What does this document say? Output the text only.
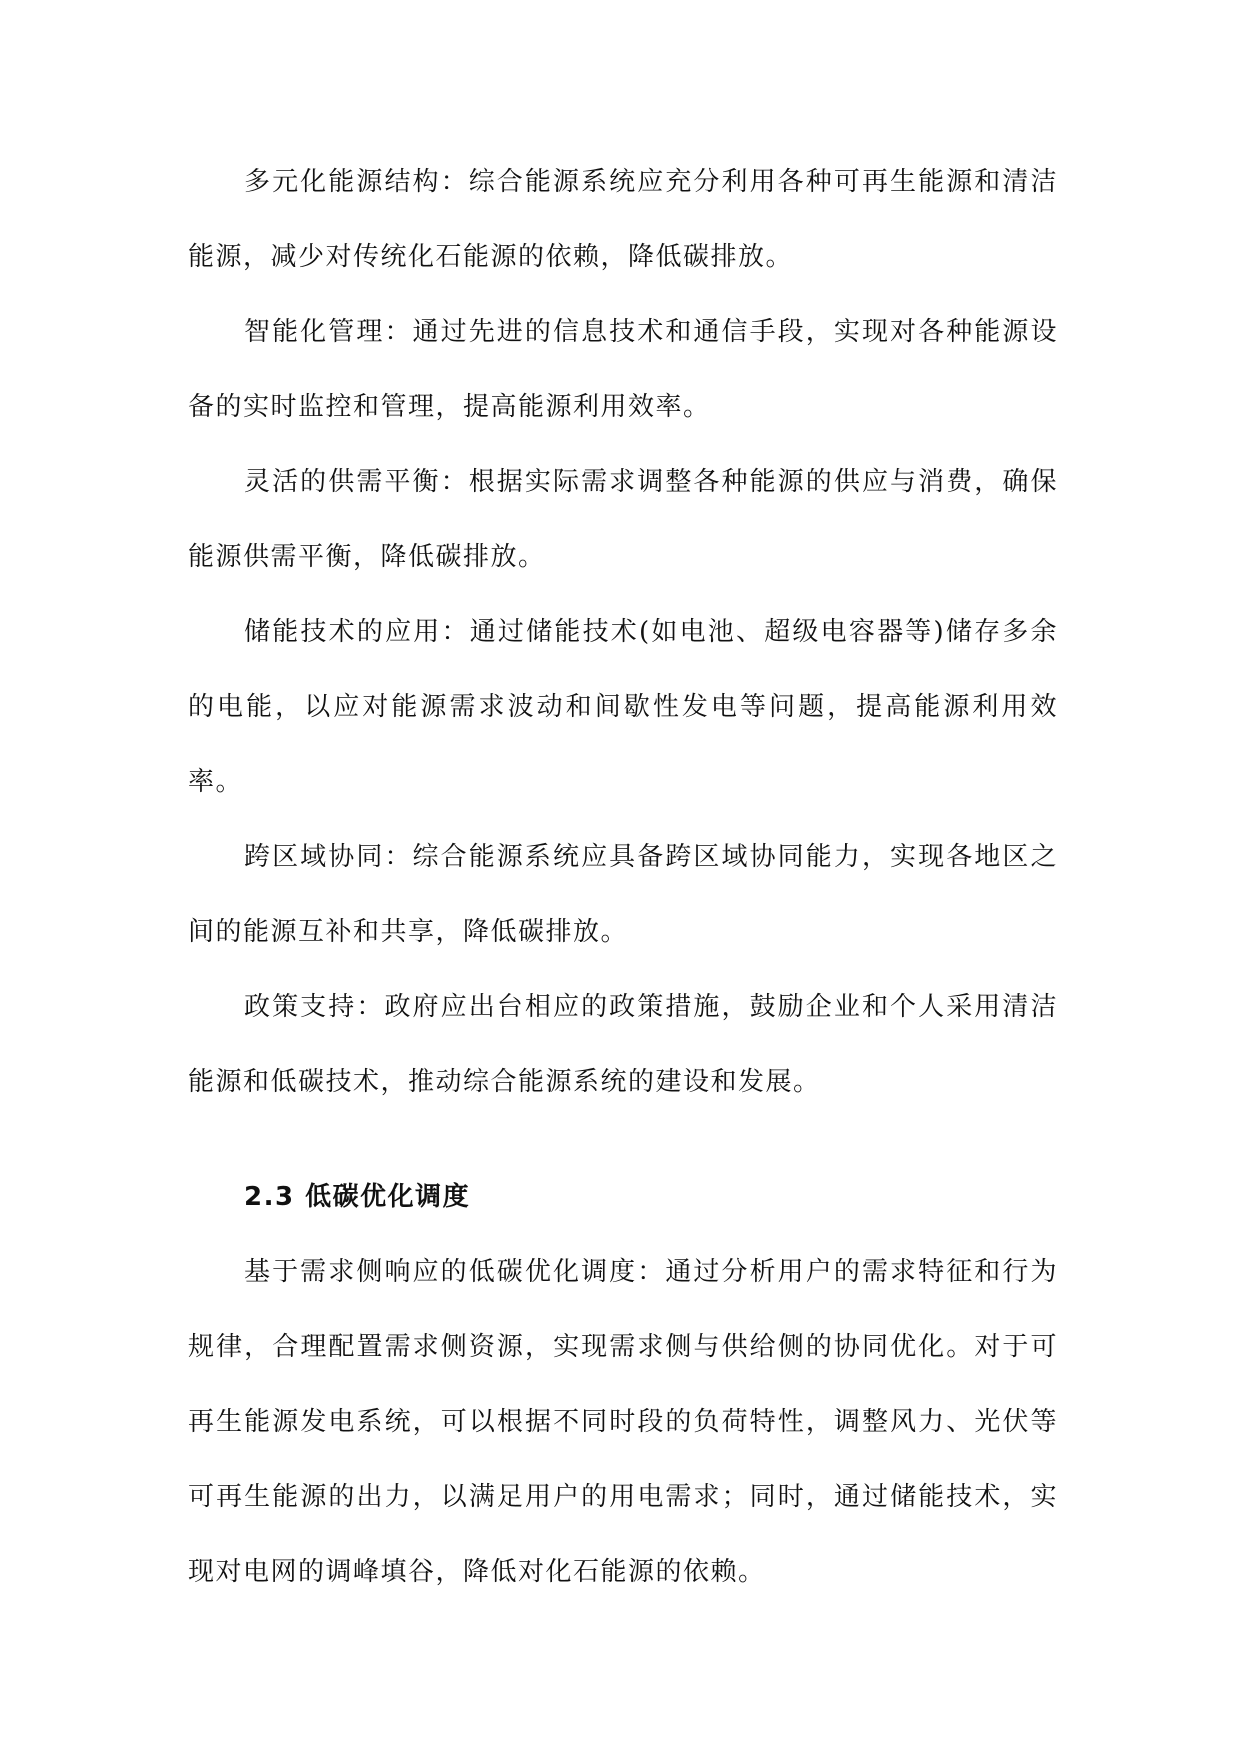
多元化能源结构：综合能源系统应充分利用各种可再生能源和清洁能源，减少对传统化石能源的依赖，降低碳排放。

智能化管理：通过先进的信息技术和通信手段，实现对各种能源设备的实时监控和管理，提高能源利用效率。

灵活的供需平衡：根据实际需求调整各种能源的供应与消费，确保能源供需平衡，降低碳排放。

储能技术的应用：通过储能技术(如电池、超级电容器等)储存多余的电能，以应对能源需求波动和间歇性发电等问题，提高能源利用效率。

跨区域协同：综合能源系统应具备跨区域协同能力，实现各地区之间的能源互补和共享，降低碳排放。

政策支持：政府应出台相应的政策措施，鼓励企业和个人采用清洁能源和低碳技术，推动综合能源系统的建设和发展。

2.3 低碳优化调度

基于需求侧响应的低碳优化调度：通过分析用户的需求特征和行为规律，合理配置需求侧资源，实现需求侧与供给侧的协同优化。对于可再生能源发电系统，可以根据不同时段的负荷特性，调整风力、光伏等可再生能源的出力，以满足用户的用电需求；同时，通过储能技术，实现对电网的调峰填谷，降低对化石能源的依赖。
